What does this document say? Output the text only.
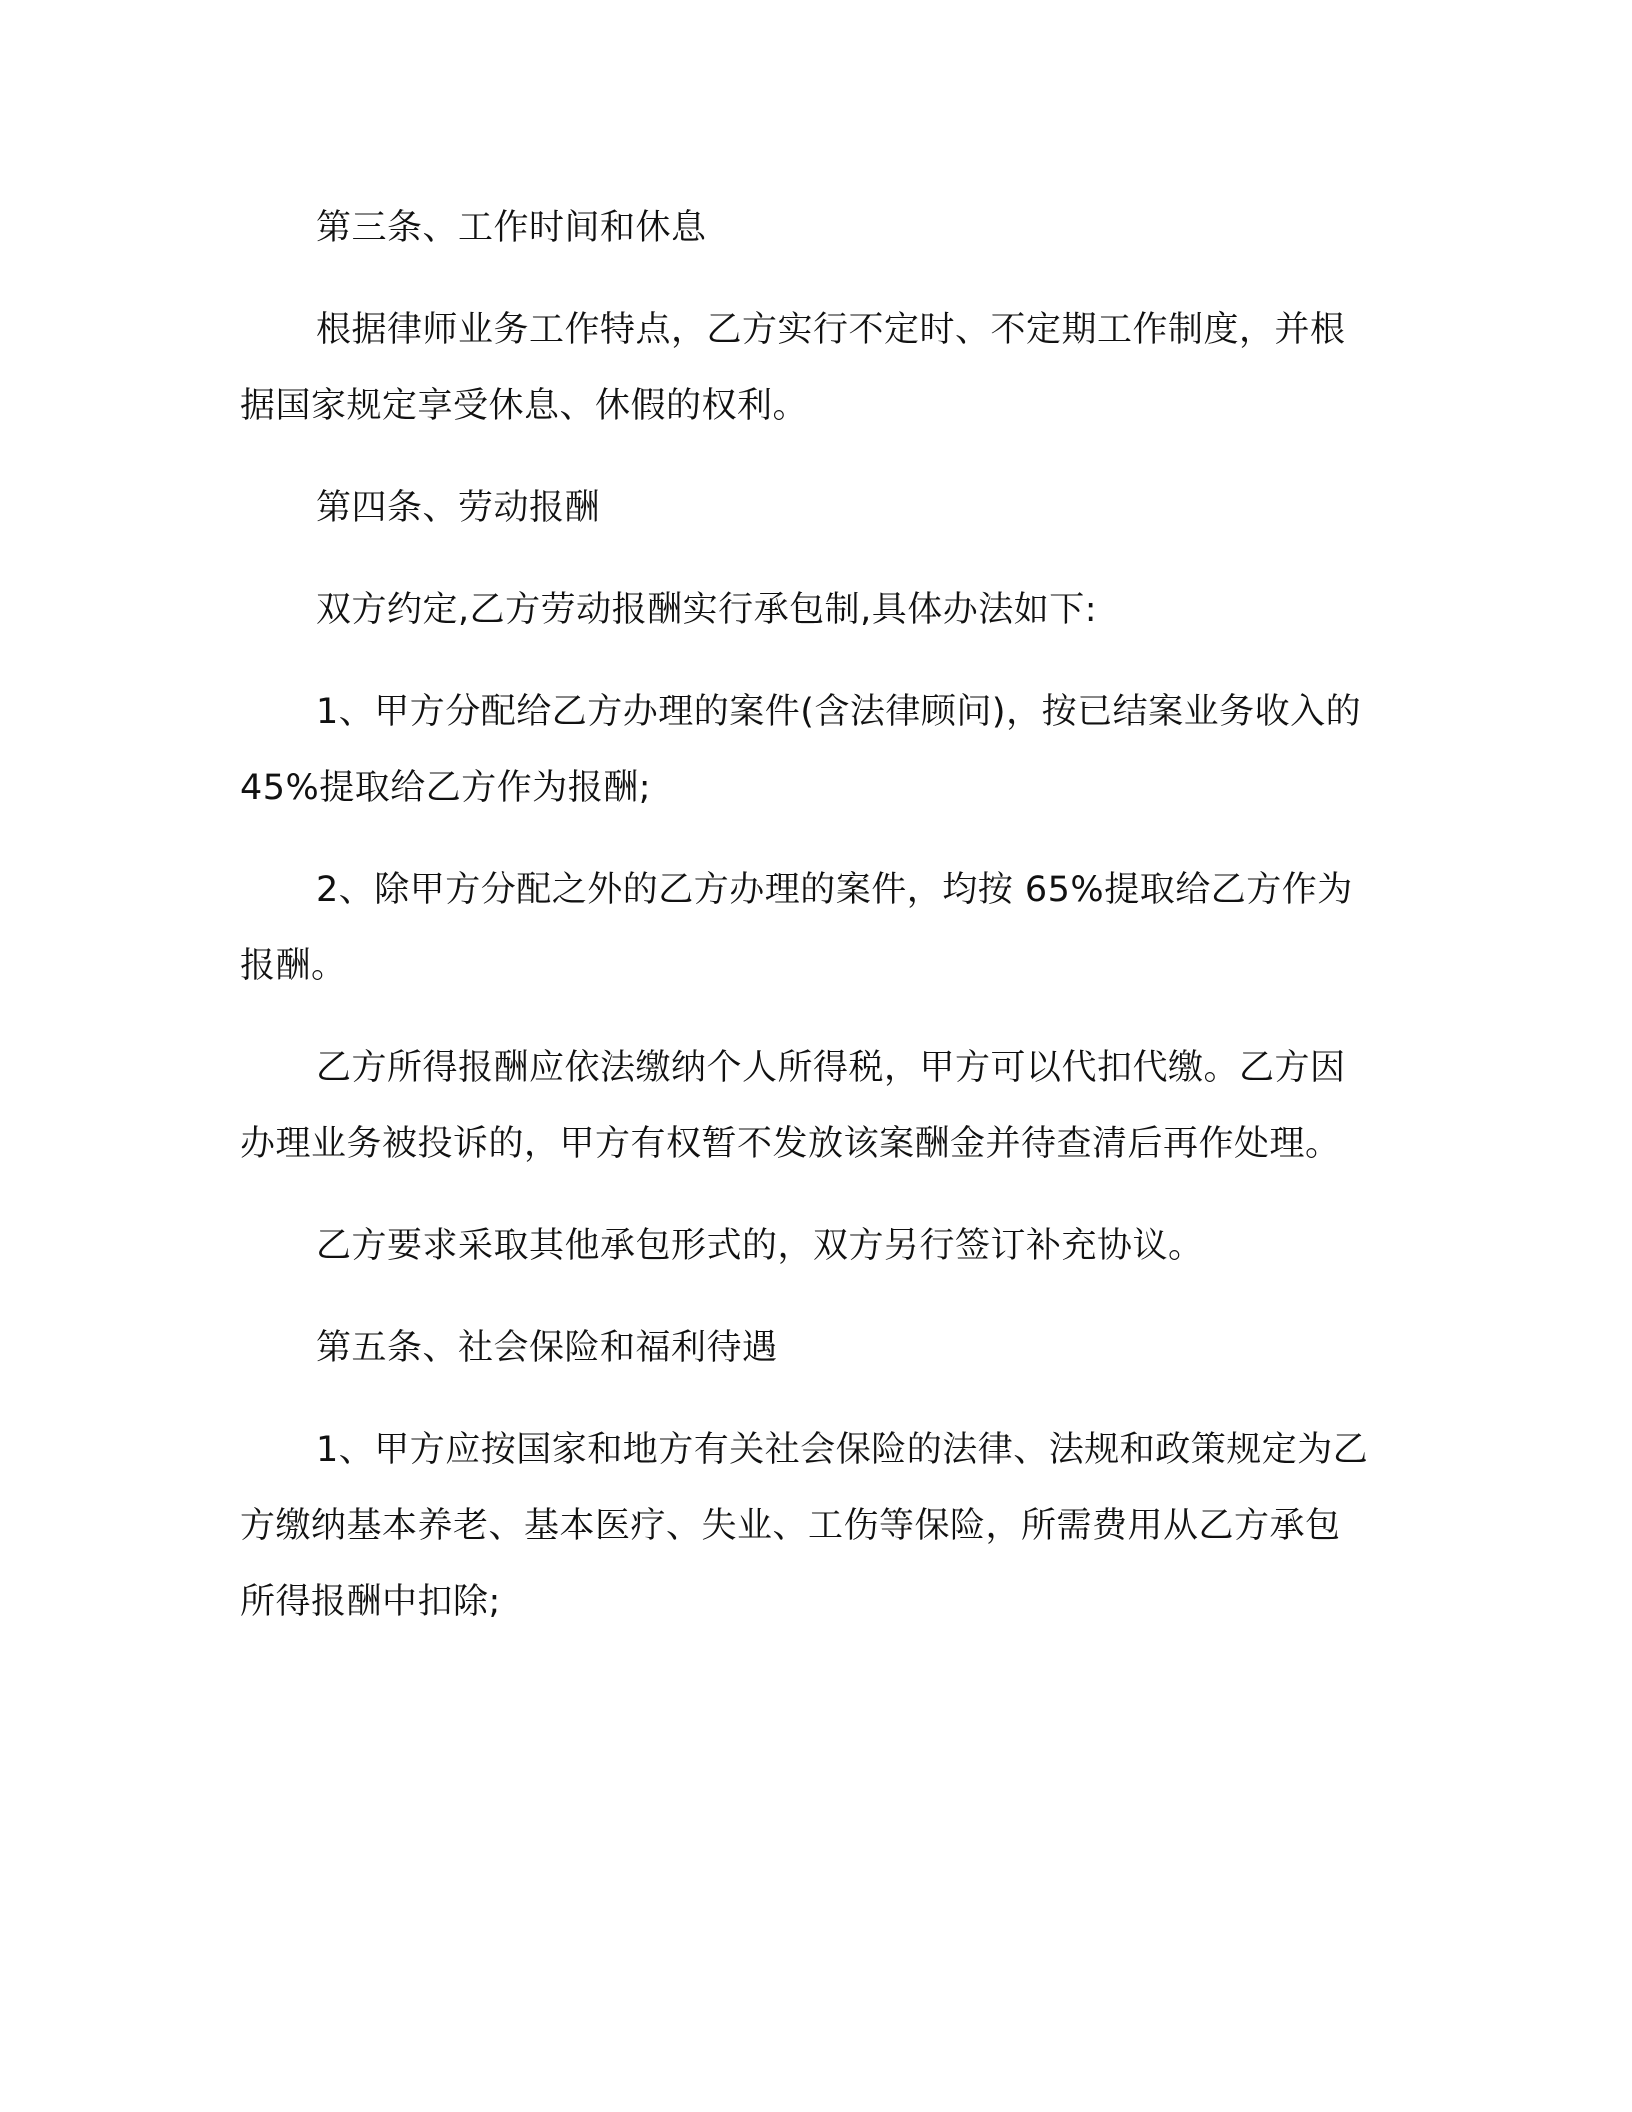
第三条、工作时间和休息

根据律师业务工作特点，乙方实行不定时、不定期工作制度，并根据国家规定享受休息、休假的权利。

第四条、劳动报酬

双方约定,乙方劳动报酬实行承包制,具体办法如下:

1、甲方分配给乙方办理的案件(含法律顾问)，按已结案业务收入的 45%提取给乙方作为报酬;

2、除甲方分配之外的乙方办理的案件，均按 65%提取给乙方作为报酬。

乙方所得报酬应依法缴纳个人所得税，甲方可以代扣代缴。乙方因办理业务被投诉的，甲方有权暂不发放该案酬金并待查清后再作处理。

乙方要求采取其他承包形式的，双方另行签订补充协议。

第五条、社会保险和福利待遇

1、甲方应按国家和地方有关社会保险的法律、法规和政策规定为乙方缴纳基本养老、基本医疗、失业、工伤等保险，所需费用从乙方承包所得报酬中扣除;
